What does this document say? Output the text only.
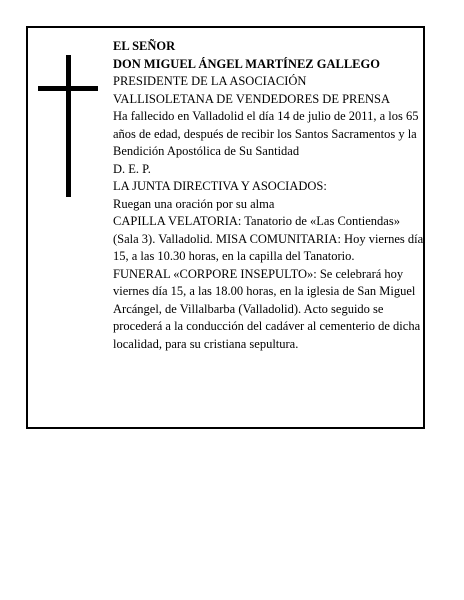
EL SEÑOR

DON MIGUEL ÁNGEL MARTÍNEZ GALLEGO

PRESIDENTE DE LA ASOCIACIÓN

VALLISOLETANA DE VENDEDORES DE PRENSA

Ha fallecido en Valladolid el día 14 de julio de 2011, a los 65 años de edad, después de recibir los Santos Sacramentos y la Bendición Apostólica de Su Santidad

D. E. P.

LA JUNTA DIRECTIVA Y ASOCIADOS:

Ruegan una oración por su alma

CAPILLA VELATORIA: Tanatorio de «Las Contiendas» (Sala 3). Valladolid. MISA COMUNITARIA: Hoy viernes día 15, a las 10.30 horas, en la capilla del Tanatorio.

FUNERAL «CORPORE INSEPULTO»: Se celebrará hoy viernes día 15, a las 18.00 horas, en la iglesia de San Miguel Arcángel, de Villalbarba (Valladolid). Acto seguido se procederá a la conducción del cadáver al cementerio de dicha localidad, para su cristiana sepultura.
